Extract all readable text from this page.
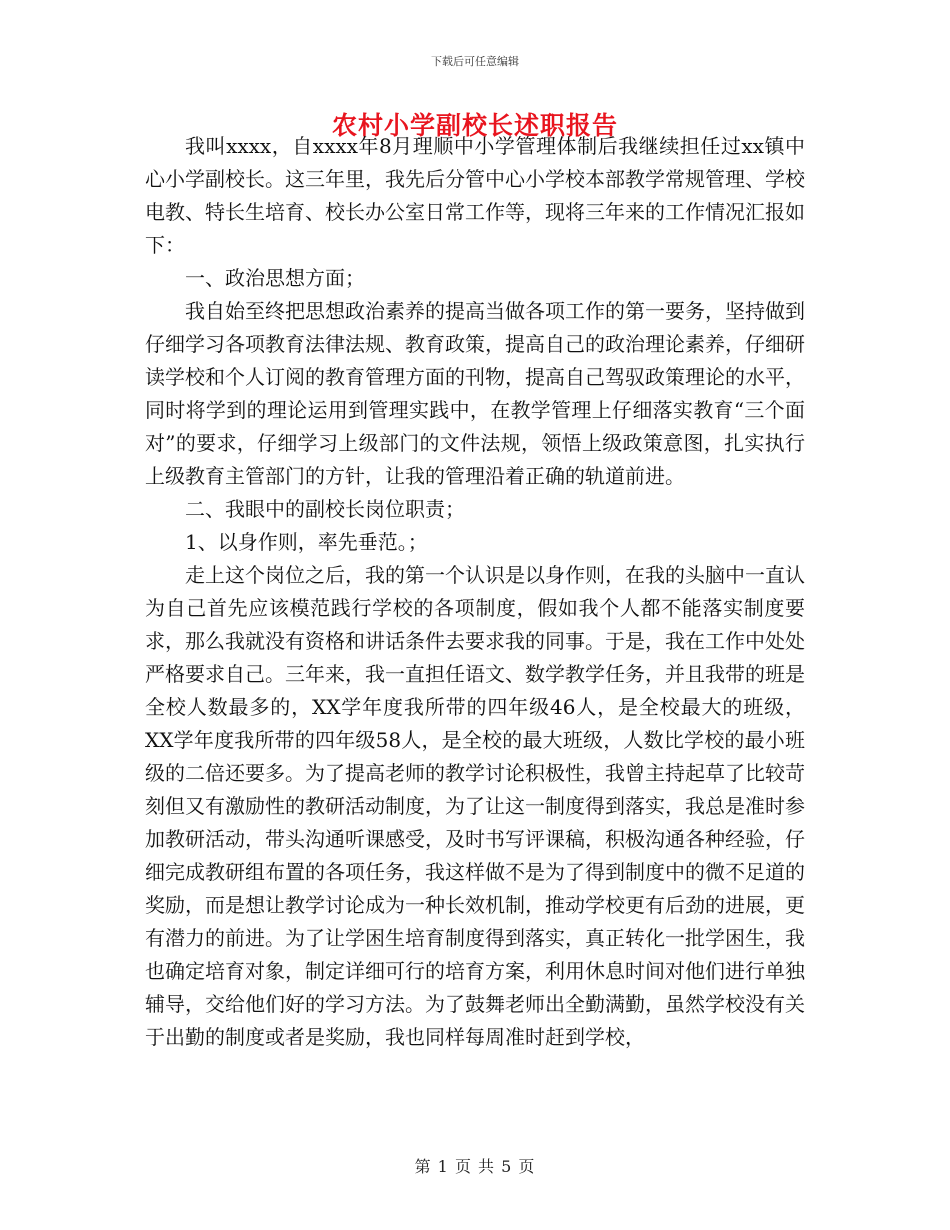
下载后可任意编辑
农村小学副校长述职报告

我叫xxxx，自xxxx年8月理顺中小学管理体制后我继续担任过xx镇中心小学副校长。这三年里，我先后分管中心小学校本部教学常规管理、学校电教、特长生培育、校长办公室日常工作等，现将三年来的工作情况汇报如下：

一、政治思想方面；

我自始至终把思想政治素养的提高当做各项工作的第一要务，坚持做到仔细学习各项教育法律法规、教育政策，提高自己的政治理论素养，仔细研读学校和个人订阅的教育管理方面的刊物，提高自己驾驭政策理论的水平，同时将学到的理论运用到管理实践中，在教学管理上仔细落实教育“三个面对”的要求，仔细学习上级部门的文件法规，领悟上级政策意图，扎实执行上级教育主管部门的方针，让我的管理沿着正确的轨道前进。

二、我眼中的副校长岗位职责；

1、以身作则，率先垂范。；

走上这个岗位之后，我的第一个认识是以身作则，在我的头脑中一直认为自己首先应该模范践行学校的各项制度，假如我个人都不能落实制度要求，那么我就没有资格和讲话条件去要求我的同事。于是，我在工作中处处严格要求自己。三年来，我一直担任语文、数学教学任务，并且我带的班是全校人数最多的，XX学年度我所带的四年级46人，是全校最大的班级，XX学年度我所带的四年级58人，是全校的最大班级，人数比学校的最小班级的二倍还要多。为了提高老师的教学讨论积极性，我曾主持起草了比较苛刻但又有激励性的教研活动制度，为了让这一制度得到落实，我总是准时参加教研活动，带头沟通听课感受，及时书写评课稿，积极沟通各种经验，仔细完成教研组布置的各项任务，我这样做不是为了得到制度中的微不足道的奖励，而是想让教学讨论成为一种长效机制，推动学校更有后劲的进展，更有潜力的前进。为了让学困生培育制度得到落实，真正转化一批学困生，我也确定培育对象，制定详细可行的培育方案，利用休息时间对他们进行单独辅导，交给他们好的学习方法。为了鼓舞老师出全勤满勤，虽然学校没有关于出勤的制度或者是奖励，我也同样每周准时赶到学校，

第 1 页 共 5 页
